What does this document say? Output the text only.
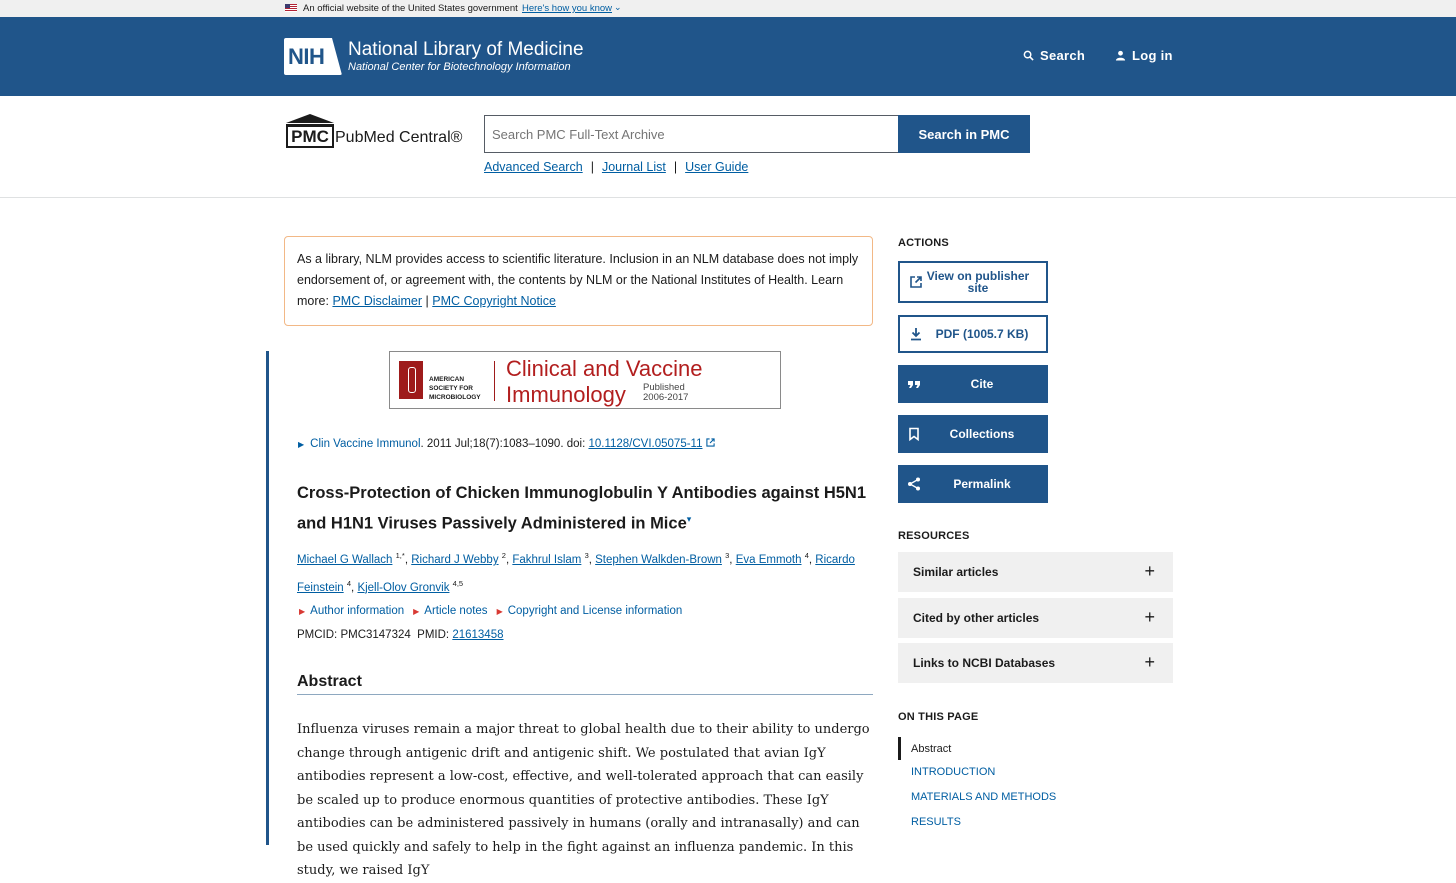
An official website of the United States government Here's how you know ⌄
NIH National Library of Medicine
National Center for Biotechnology Information
Search	Log in
PMC PubMed Central®
Search PMC Full-Text Archive	Search in PMC
Advanced Search | Journal List | User Guide
As a library, NLM provides access to scientific literature. Inclusion in an NLM database does not imply endorsement of, or agreement with, the contents by NLM or the National Institutes of Health. Learn more: PMC Disclaimer | PMC Copyright Notice
AMERICAN
SOCIETY FOR
MICROBIOLOGY
Clinical and Vaccine
Immunology Published
2006-2017
▶ Clin Vaccine Immunol. 2011 Jul;18(7):1083–1090. doi: 10.1128/CVI.05075-11
Cross-Protection of Chicken Immunoglobulin Y Antibodies against H5N1 and H1N1 Viruses Passively Administered in Mice▾
Michael G Wallach $^{1,*}$, Richard J Webby $^2$, Fakhrul Islam $^3$, Stephen Walkden-Brown $^3$, Eva Emmoth $^4$, Ricardo Feinstein $^4$, Kjell-Olov Gronvik $^{4,5}$
▶ Author information ▶ Article notes ▶ Copyright and License information
PMCID: PMC3147324 PMID: 21613458
Abstract

Influenza viruses remain a major threat to global health due to their ability to undergo change through antigenic drift and antigenic shift. We postulated that avian IgY antibodies represent a low-cost, effective, and well-tolerated approach that can easily be scaled up to produce enormous quantities of protective antibodies. These IgY antibodies can be administered passively in humans (orally and intranasally) and can be used quickly and safely to help in the fight against an influenza pandemic. In this study, we raised IgY

ACTIONS
View on publisher site
PDF (1005.7 KB)
Cite
Collections
Permalink
RESOURCES
Similar articles	+
Cited by other articles	+
Links to NCBI Databases	+
ON THIS PAGE
Abstract
INTRODUCTION
MATERIALS AND METHODS
RESULTS
